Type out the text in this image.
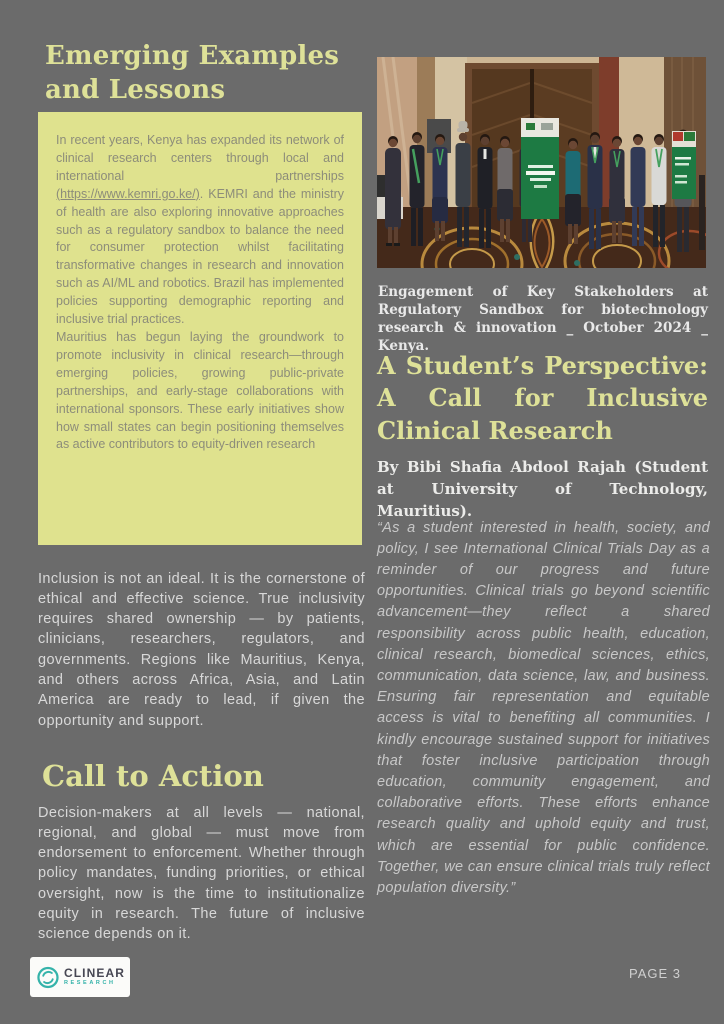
Emerging Examples and Lessons

In recent years, Kenya has expanded its network of clinical research centers through local and international partnerships (https://www.kemri.go.ke/). KEMRI and the ministry of health are also exploring innovative approaches such as a regulatory sandbox to balance the need for consumer protection whilst facilitating transformative changes in research and innovation such as AI/ML and robotics. Brazil has implemented policies supporting demographic reporting and inclusive trial practices.

Mauritius has begun laying the groundwork to promote inclusivity in clinical research—through emerging policies, growing public-private partnerships, and early-stage collaborations with international sponsors. These early initiatives show how small states can begin positioning themselves as active contributors to equity-driven research

Inclusion is not an ideal. It is the cornerstone of ethical and effective science. True inclusivity requires shared ownership — by patients, clinicians, researchers, regulators, and governments. Regions like Mauritius, Kenya, and others across Africa, Asia, and Latin America are ready to lead, if given the opportunity and support.

Call to Action

Decision-makers at all levels — national, regional, and global — must move from endorsement to enforcement. Whether through policy mandates, funding priorities, or ethical oversight, now is the time to institutionalize equity in research. The future of inclusive science depends on it.

CLINEAR
RESEARCH

Engagement of Key Stakeholders at Regulatory Sandbox for biotechnology research & innovation _ October 2024 _ Kenya.

A Student’s Perspective: A Call for Inclusive Clinical Research

By Bibi Shafia Abdool Rajah (Student at University of Technology, Mauritius).

“As a student interested in health, society, and policy, I see International Clinical Trials Day as a reminder of our progress and future opportunities. Clinical trials go beyond scientific advancement—they reflect a shared responsibility across public health, education, clinical research, biomedical sciences, ethics, communication, data science, law, and business. Ensuring fair representation and equitable access is vital to benefiting all communities. I kindly encourage sustained support for initiatives that foster inclusive participation through education, community engagement, and collaborative efforts. These efforts enhance research quality and uphold equity and trust, which are essential for public confidence. Together, we can ensure clinical trials truly reflect population diversity.”

PAGE 3
